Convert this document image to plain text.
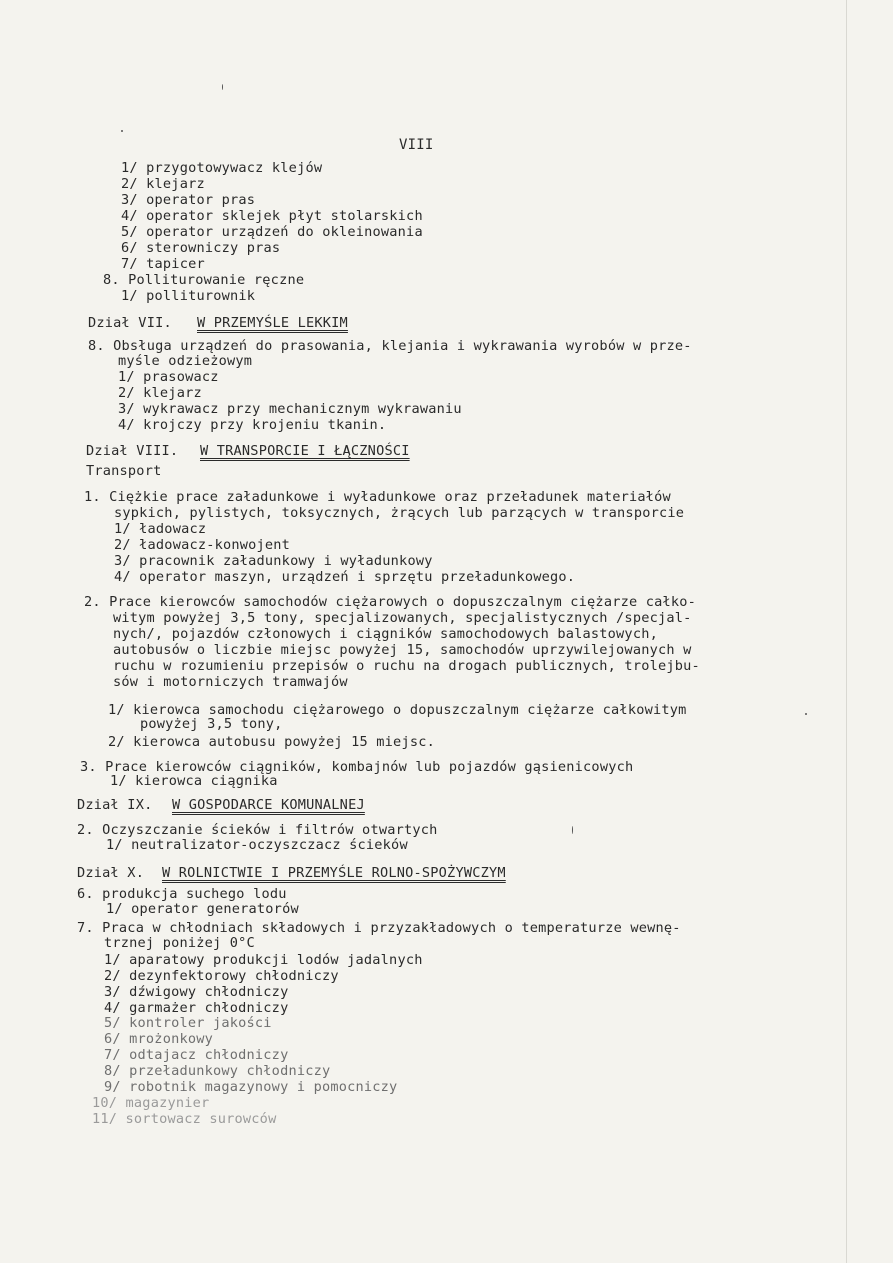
VIII
1/ przygotowywacz klejów
2/ klejarz
3/ operator pras
4/ operator sklejek płyt stolarskich
5/ operator urządzeń do okleinowania
6/ sterowniczy pras
7/ tapicer
8. Polliturowanie ręczne
1/ polliturownik
Dział VII. W PRZEMYŚLE LEKKIM
8. Obsługa urządzeń do prasowania, klejania i wykrawania wyrobów w prze-
myśle odzieżowym
1/ prasowacz
2/ klejarz
3/ wykrawacz przy mechanicznym wykrawaniu
4/ krojczy przy krojeniu tkanin.
Dział VIII. W TRANSPORCIE I ŁĄCZNOŚCI
Transport
1. Ciężkie prace załadunkowe i wyładunkowe oraz przeładunek materiałów
sypkich, pylistych, toksycznych, żrących lub parzących w transporcie
1/ ładowacz
2/ ładowacz-konwojent
3/ pracownik załadunkowy i wyładunkowy
4/ operator maszyn, urządzeń i sprzętu przeładunkowego.
2. Prace kierowców samochodów ciężarowych o dopuszczalnym ciężarze całko-
witym powyżej 3,5 tony, specjalizowanych, specjalistycznych /specjal-
nych/, pojazdów członowych i ciągników samochodowych balastowych,
autobusów o liczbie miejsc powyżej 15, samochodów uprzywilejowanych w
ruchu w rozumieniu przepisów o ruchu na drogach publicznych, trolejbu-
sów i motorniczych tramwajów
1/ kierowca samochodu ciężarowego o dopuszczalnym ciężarze całkowitym
powyżej 3,5 tony,
2/ kierowca autobusu powyżej 15 miejsc.
3. Prace kierowców ciągników, kombajnów lub pojazdów gąsienicowych
1/ kierowca ciągnika
Dział IX. W GOSPODARCE KOMUNALNEJ
2. Oczyszczanie ścieków i filtrów otwartych
1/ neutralizator-oczyszczacz ścieków
Dział X. W ROLNICTWIE I PRZEMYŚLE ROLNO-SPOŻYWCZYM
6. produkcja suchego lodu
1/ operator generatorów
7. Praca w chłodniach składowych i przyzakładowych o temperaturze wewnę-
trznej poniżej 0°C
1/ aparatowy produkcji lodów jadalnych
2/ dezynfektorowy chłodniczy
3/ dźwigowy chłodniczy
4/ garmażer chłodniczy
5/ kontroler jakości
6/ mrożonkowy
7/ odtajacz chłodniczy
8/ przeładunkowy chłodniczy
9/ robotnik magazynowy i pomocniczy
10/ magazynier
11/ sortowacz surowców
